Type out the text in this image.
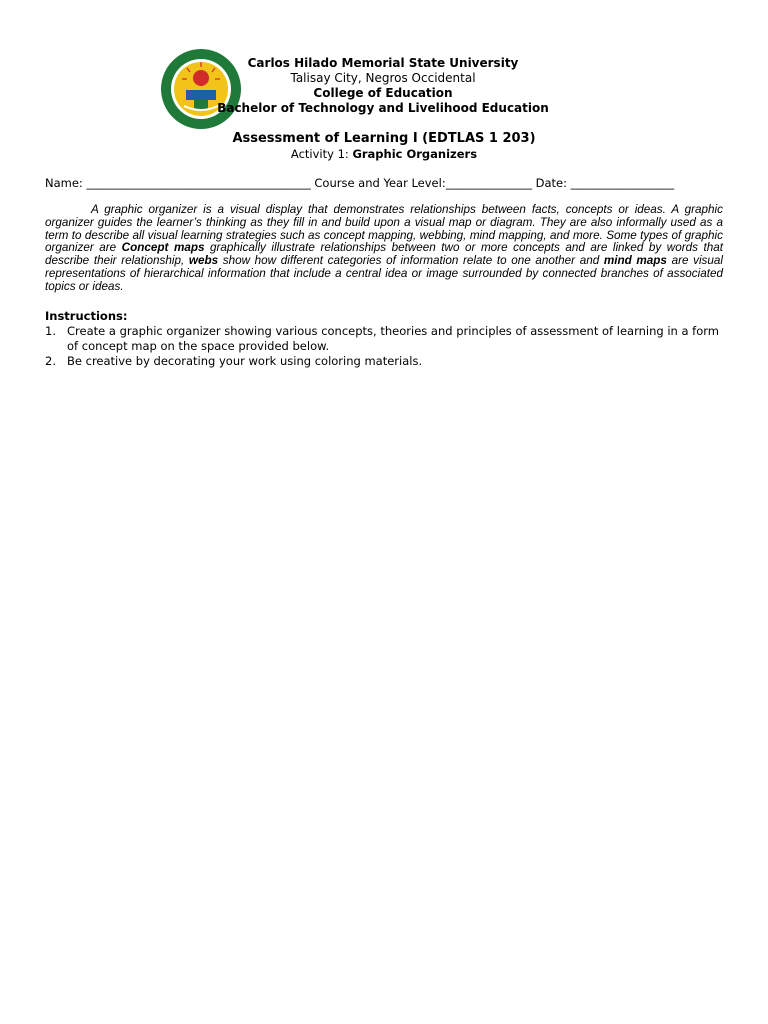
Carlos Hilado Memorial State University
Talisay City, Negros Occidental
College of Education
Bachelor of Technology and Livelihood Education
Assessment of Learning I (EDTLAS 1 203)
Activity 1: Graphic Organizers
Name: _______________________________________ Course and Year Level:_______________ Date: __________________
A graphic organizer is a visual display that demonstrates relationships between facts, concepts or ideas. A graphic organizer guides the learner’s thinking as they fill in and build upon a visual map or diagram. They are also informally used as a term to describe all visual learning strategies such as concept mapping, webbing, mind mapping, and more. Some types of graphic organizer are Concept maps graphically illustrate relationships between two or more concepts and are linked by words that describe their relationship, webs show how different categories of information relate to one another and mind maps are visual representations of hierarchical information that include a central idea or image surrounded by connected branches of associated topics or ideas.
Instructions:
1. Create a graphic organizer showing various concepts, theories and principles of assessment of learning in a form of concept map on the space provided below.
2. Be creative by decorating your work using coloring materials.
